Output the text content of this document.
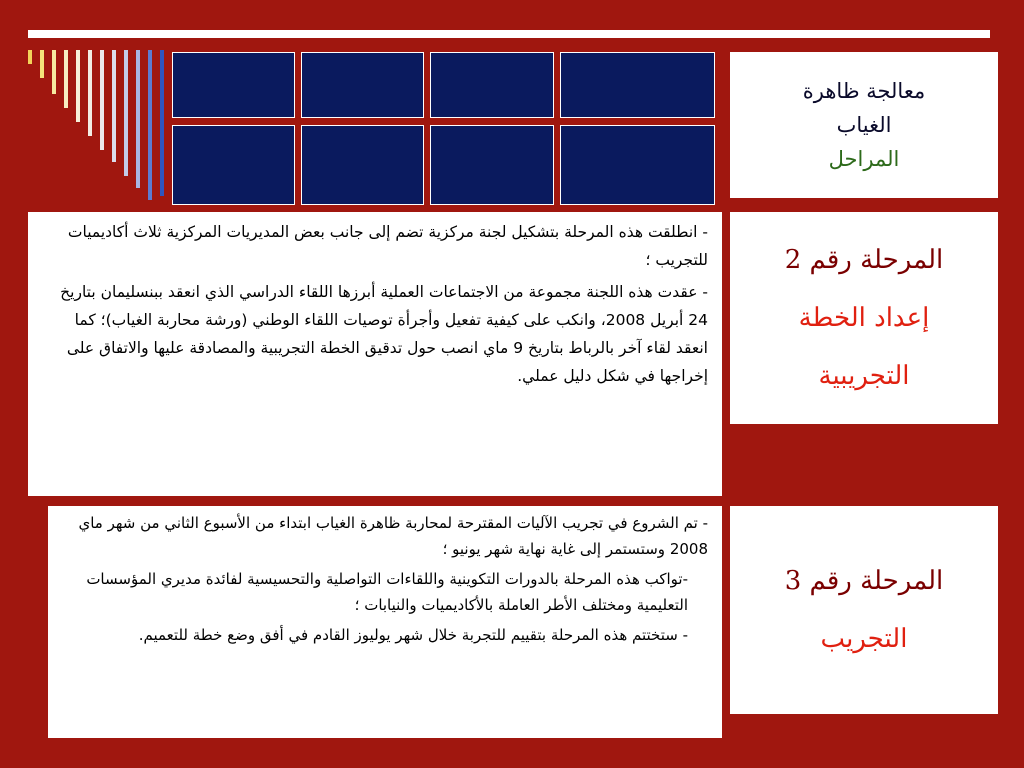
معالجة ظاهرة
الغياب
المراحل

- انطلقت هذه المرحلة بتشكيل لجنة مركزية تضم إلى جانب بعض المديريات المركزية ثلاث أكاديميات للتجريب ؛

- عقدت هذه اللجنة مجموعة من الاجتماعات العملية أبرزها اللقاء الدراسي الذي انعقد ببنسليمان بتاريخ 24 أبريل 2008، وانكب على كيفية تفعيل وأجرأة توصيات اللقاء الوطني (ورشة محاربة الغياب)؛ كما انعقد لقاء آخر بالرباط بتاريخ 9 ماي انصب حول تدقيق الخطة التجريبية والمصادقة عليها والاتفاق على إخراجها في شكل دليل عملي.

المرحلة رقم 2
إعداد الخطة
التجريبية

- تم الشروع في تجريب الآليات المقترحة لمحاربة ظاهرة الغياب ابتداء من الأسبوع الثاني من شهر ماي 2008 وستستمر إلى غاية نهاية شهر يونيو ؛

-تواكب هذه المرحلة بالدورات التكوينية واللقاءات التواصلية والتحسيسية لفائدة مديري المؤسسات التعليمية ومختلف الأطر العاملة بالأكاديميات والنيابات ؛

- ستختتم هذه المرحلة بتقييم للتجربة خلال شهر يوليوز القادم في أفق وضع خطة للتعميم.

المرحلة رقم 3
التجريب
